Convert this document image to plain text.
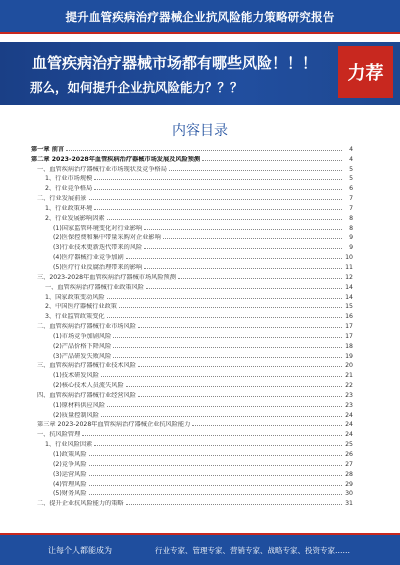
提升血管疾病治疗器械企业抗风险能力策略研究报告
血管疾病治疗器械市场都有哪些风险！！！
那么，如何提升企业抗风险能力？？？
力荐
内容目录
第一章 前言	4
第二章 2023-2028年血管疾病治疗器械市场发展及风险预测	4
一、血管疾病治疗器械行业市场现状及竞争格局	5
1、行业市场规模	5
2、行业竞争格局	6
二、行业发展前景	7
1、行业政策环境	7
2、行业发展影响因素	8
(1)国家监管环境变化对行业影响	8
(2)医保控费和集中带量采购对企业影响	9
(3)行业技术更新迭代带来的风险	9
(4)医疗器械行业竞争加剧	10
(5)医疗行业反腐治理带来的影响	11
三、2023-2028年血管疾病治疗器械市场风险预测	12
一、血管疾病治疗器械行业政策风险	14
1、国家政策变动风险	14
2、中国医疗器械行业政策	15
3、行业监管政策变化	16
二、血管疾病治疗器械行业市场风险	17
(1)市场竞争加剧风险	17
(2)产品价格下降风险	18
(3)产品研发失败风险	19
三、血管疾病治疗器械行业技术风险	20
(1)技术研发风险	21
(2)核心技术人员流失风险	22
四、血管疾病治疗器械行业经营风险	23
(1)原材料供应风险	23
(2)质量控制风险	24
第三章 2023-2028年血管疾病治疗器械企业抗风险能力	24
一、抗风险管理	24
1、行业风险因素	25
(1)政策风险	26
(2)竞争风险	27
(3)运营风险	28
(4)管理风险	29
(5)财务风险	30
二、提升企业抗风险能力的策略	31
让每个人都能成为	行业专家、管理专家、营销专家、战略专家、投资专家……
